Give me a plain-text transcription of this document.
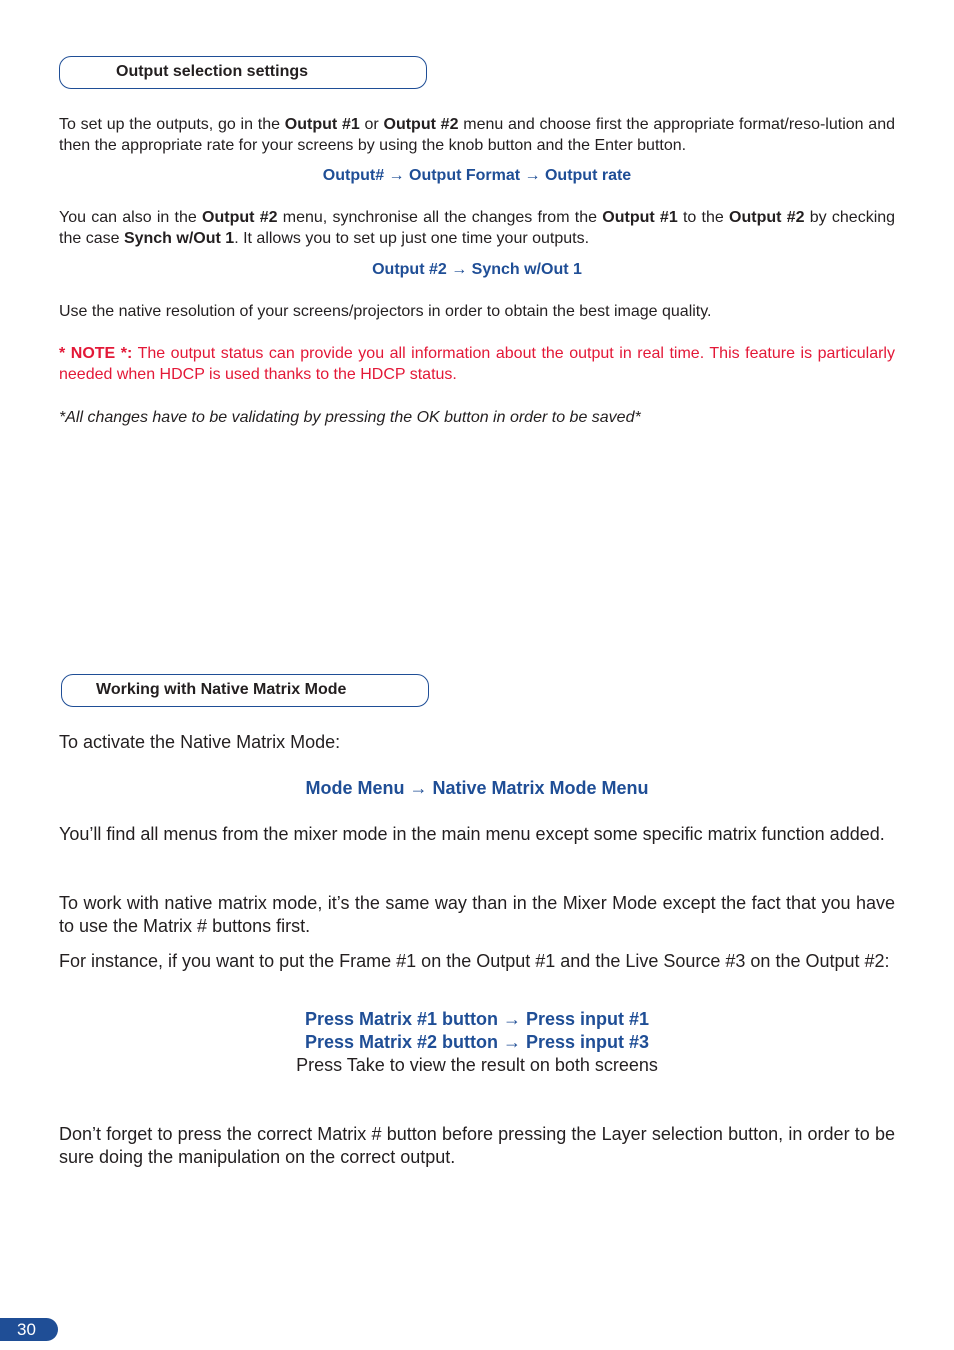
Output selection settings

To set up the outputs, go in the Output #1 or Output #2 menu and choose first the appropriate format/reso-lution and then the appropriate rate for your screens by using the knob button and the Enter button.

Output# → Output Format → Output rate

You can also in the Output #2 menu, synchronise all the changes from the Output #1 to the Output #2 by checking the case Synch w/Out 1. It allows you to set up just one time your outputs.

Output #2 → Synch w/Out 1

Use the native resolution of your screens/projectors in order to obtain the best image quality.

* NOTE *: The output status can provide you all information about the output in real time. This feature is particularly needed when HDCP is used thanks to the HDCP status.

*All changes have to be validating by pressing the OK button in order to be saved*

Working with Native Matrix Mode

To activate the Native Matrix Mode:

Mode Menu → Native Matrix Mode Menu

You’ll find all menus from the mixer mode in the main menu except some specific matrix function added.

To work with native matrix mode, it’s the same way than in the Mixer Mode except the fact that you have to use the Matrix # buttons first.

For instance, if you want to put the Frame #1 on the Output #1 and the Live Source #3 on the Output #2:

Press Matrix #1 button → Press input #1

Press Matrix #2 button → Press input #3

Press Take to view the result on both screens

Don’t forget to press the correct Matrix # button before pressing the Layer selection button, in order to be sure doing the manipulation on the correct output.

30
